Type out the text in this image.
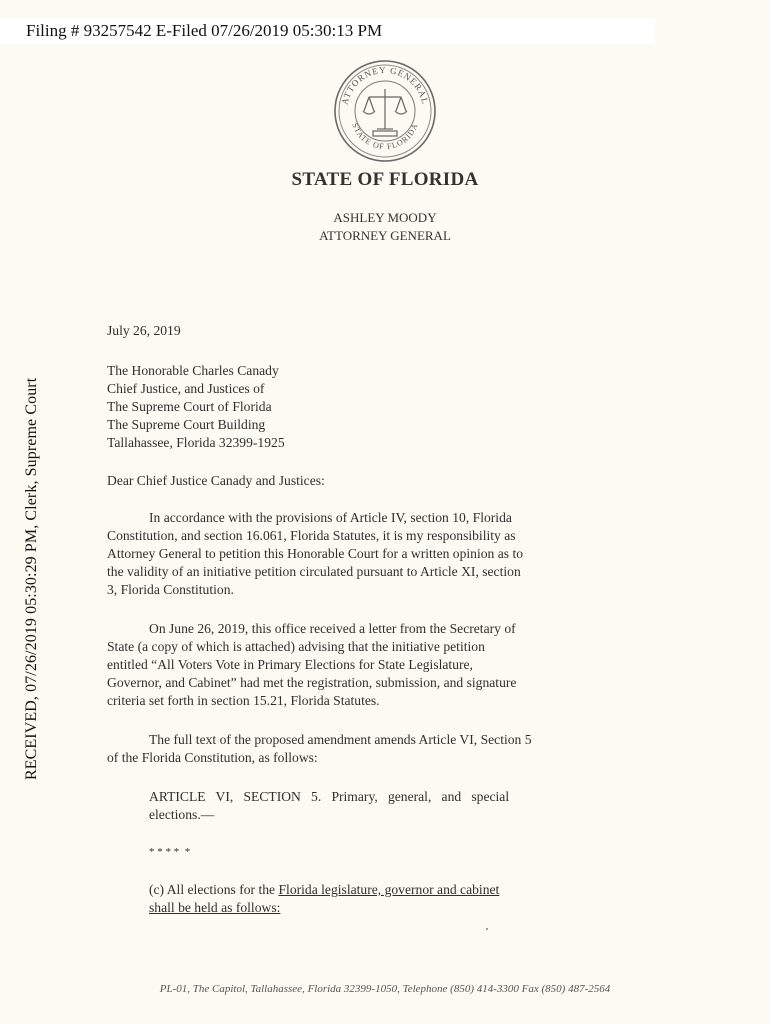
Filing # 93257542 E-Filed 07/26/2019 05:30:13 PM
ATTORNEY GENERAL
STATE OF FLORIDA
STATE OF FLORIDA
ASHLEY MOODY
ATTORNEY GENERAL
RECEIVED, 07/26/2019 05:30:29 PM, Clerk, Supreme Court
July 26, 2019
The Honorable Charles Canady
Chief Justice, and Justices of
The Supreme Court of Florida
The Supreme Court Building
Tallahassee, Florida 32399-1925
Dear Chief Justice Canady and Justices:
In accordance with the provisions of Article IV, section 10, Florida
Constitution, and section 16.061, Florida Statutes, it is my responsibility as
Attorney General to petition this Honorable Court for a written opinion as to
the validity of an initiative petition circulated pursuant to Article XI, section
3, Florida Constitution.
On June 26, 2019, this office received a letter from the Secretary of
State (a copy of which is attached) advising that the initiative petition
entitled “All Voters Vote in Primary Elections for State Legislature,
Governor, and Cabinet” had met the registration, submission, and signature
criteria set forth in section 15.21, Florida Statutes.
The full text of the proposed amendment amends Article VI, Section 5
of the Florida Constitution, as follows:
ARTICLE   VI,   SECTION   5.   Primary,   general,   and   special
elections.—
* * * *  *
(c) All elections for the Florida legislature, governor and cabinet
shall be held as follows:
PL-01, The Capitol, Tallahassee, Florida 32399-1050, Telephone (850) 414-3300 Fax (850) 487-2564
